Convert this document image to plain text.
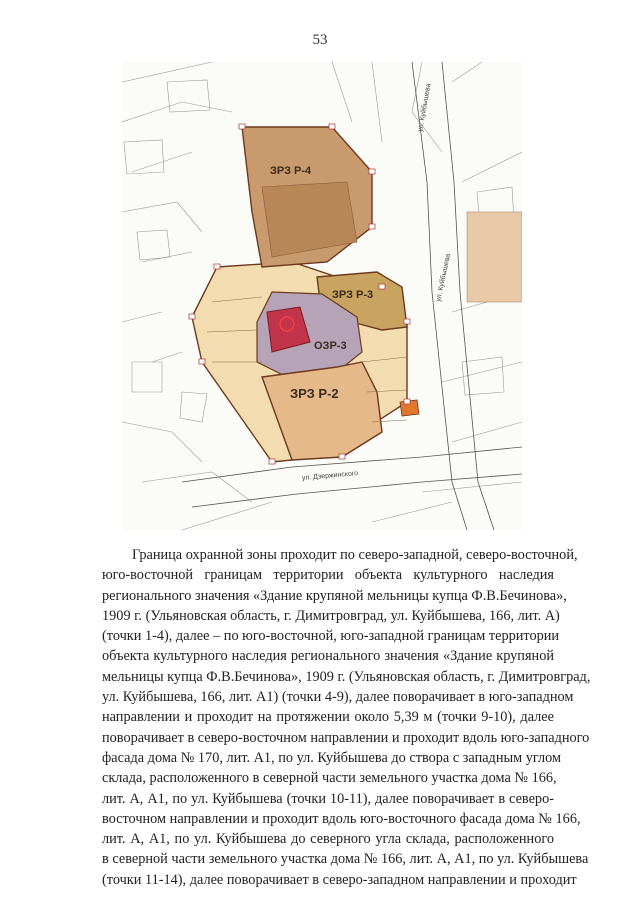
53
ЗРЗ Р-4
ЗРЗ Р-3
ОЗР-3
ЗРЗ Р-2
ул. Куйбышева
ул. Куйбышева
ул. Дзержинского
Граница охранной зоны проходит по северо-западной, северо-восточной,
юго-восточной границам территории объекта культурного наследия
регионального значения «Здание крупяной мельницы купца Ф.В.Бечинова»,
1909 г. (Ульяновская область, г. Димитровград, ул. Куйбышева, 166, лит. А)
(точки 1-4), далее – по юго-восточной, юго-западной границам территории
объекта культурного наследия регионального значения «Здание крупяной
мельницы купца Ф.В.Бечинова», 1909 г. (Ульяновская область, г. Димитровград,
ул. Куйбышева, 166, лит. А1) (точки 4-9), далее поворачивает в юго-западном
направлении и проходит на протяжении около 5,39 м (точки 9-10), далее
поворачивает в северо-восточном направлении и проходит вдоль юго-западного
фасада дома № 170, лит. А1, по ул. Куйбышева до створа с западным углом
склада, расположенного в северной части земельного участка дома № 166,
лит. А, А1, по ул. Куйбышева (точки 10-11), далее поворачивает в северо-
восточном направлении и проходит вдоль юго-восточного фасада дома № 166,
лит. А, А1, по ул. Куйбышева до северного угла склада, расположенного
в северной части земельного участка дома № 166, лит. А, А1, по ул. Куйбышева
(точки 11-14), далее поворачивает в северо-западном направлении и проходит
